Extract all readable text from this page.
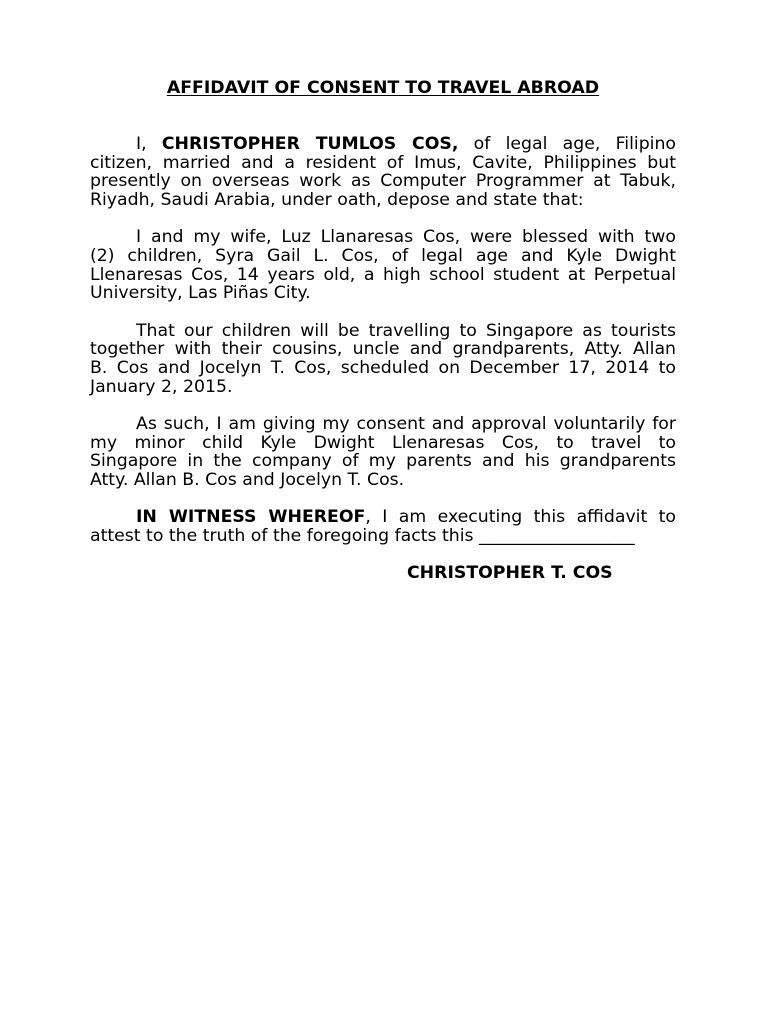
AFFIDAVIT OF CONSENT TO TRAVEL ABROAD
I, CHRISTOPHER TUMLOS COS, of legal age, Filipino
citizen, married and a resident of Imus, Cavite, Philippines but
presently on overseas work as Computer Programmer at Tabuk,
Riyadh, Saudi Arabia, under oath, depose and state that:
I and my wife, Luz Llanaresas Cos, were blessed with two
(2) children, Syra Gail L. Cos, of legal age and Kyle Dwight
Llenaresas Cos, 14 years old, a high school student at Perpetual
University, Las Piñas City.
That our children will be travelling to Singapore as tourists
together with their cousins, uncle and grandparents, Atty. Allan
B. Cos and Jocelyn T. Cos, scheduled on December 17, 2014 to
January 2, 2015.
As such, I am giving my consent and approval voluntarily for
my minor child Kyle Dwight Llenaresas Cos, to travel to
Singapore in the company of my parents and his grandparents
Atty. Allan B. Cos and Jocelyn T. Cos.
IN WITNESS WHEREOF, I am executing this affidavit to
attest to the truth of the foregoing facts this __________________
CHRISTOPHER T. COS
